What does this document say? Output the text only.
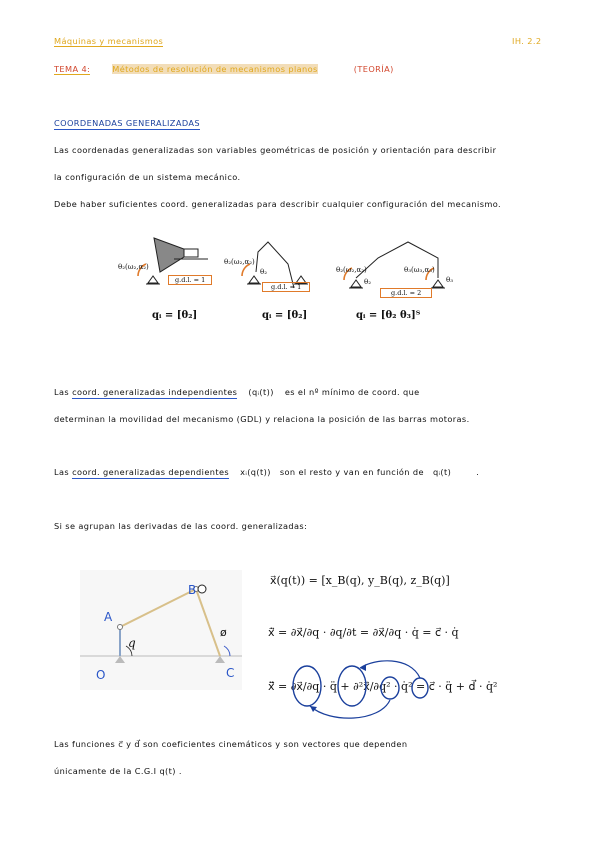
Máquinas y mecanismos	IH. 2.2
TEMA 4:	Métodos de resolución de mecanismos planos	(TEORÍA)
COORDENADAS GENERALIZADAS
Las coordenadas generalizadas son variables geométricas de posición y orientación para describir
la configuración de un sistema mecánico.
Debe haber suficientes coord. generalizadas para describir cualquier configuración del mecanismo.
θ₂(ω₂,α₂)
g.d.l. = 1
qᵢ = [θ₂]
θ₂(ω₂,α₂)
θ₂
g.d.l. = 1
qᵢ = [θ₂]
θ₂(ω₂,α₂)	θ₃(ω₃,α₃)
θ₂	θ₃
g.d.l. = 2
qᵢ = [θ₂ θ₃]ᵀ
Las coord. generalizadas independientes (qᵢ(t)) es el nº mínimo de coord. que
determinan la movilidad del mecanismo (GDL) y relaciona la posición de las barras motoras.
Las coord. generalizadas dependientes xᵢ(q(t)) son el resto y van en función de qᵢ(t)	.
Si se agrupan las derivadas de las coord. generalizadas:
A
B
C
O
q
ø
x⃗(q(t)) = [x_B(q), y_B(q), z_B(q)]
ẋ⃗ = ∂x⃗/∂q · ∂q/∂t = ∂x⃗/∂q · q̇ = c⃗ · q̇
ẍ⃗ = ∂x⃗/∂q · q̈ + ∂²x⃗/∂q² · q̇² = c⃗ · q̈ + d⃗ · q̇²
Las funciones c⃗ y d⃗ son coeficientes cinemáticos y son vectores que dependen
únicamente de la C.G.I q(t) .
